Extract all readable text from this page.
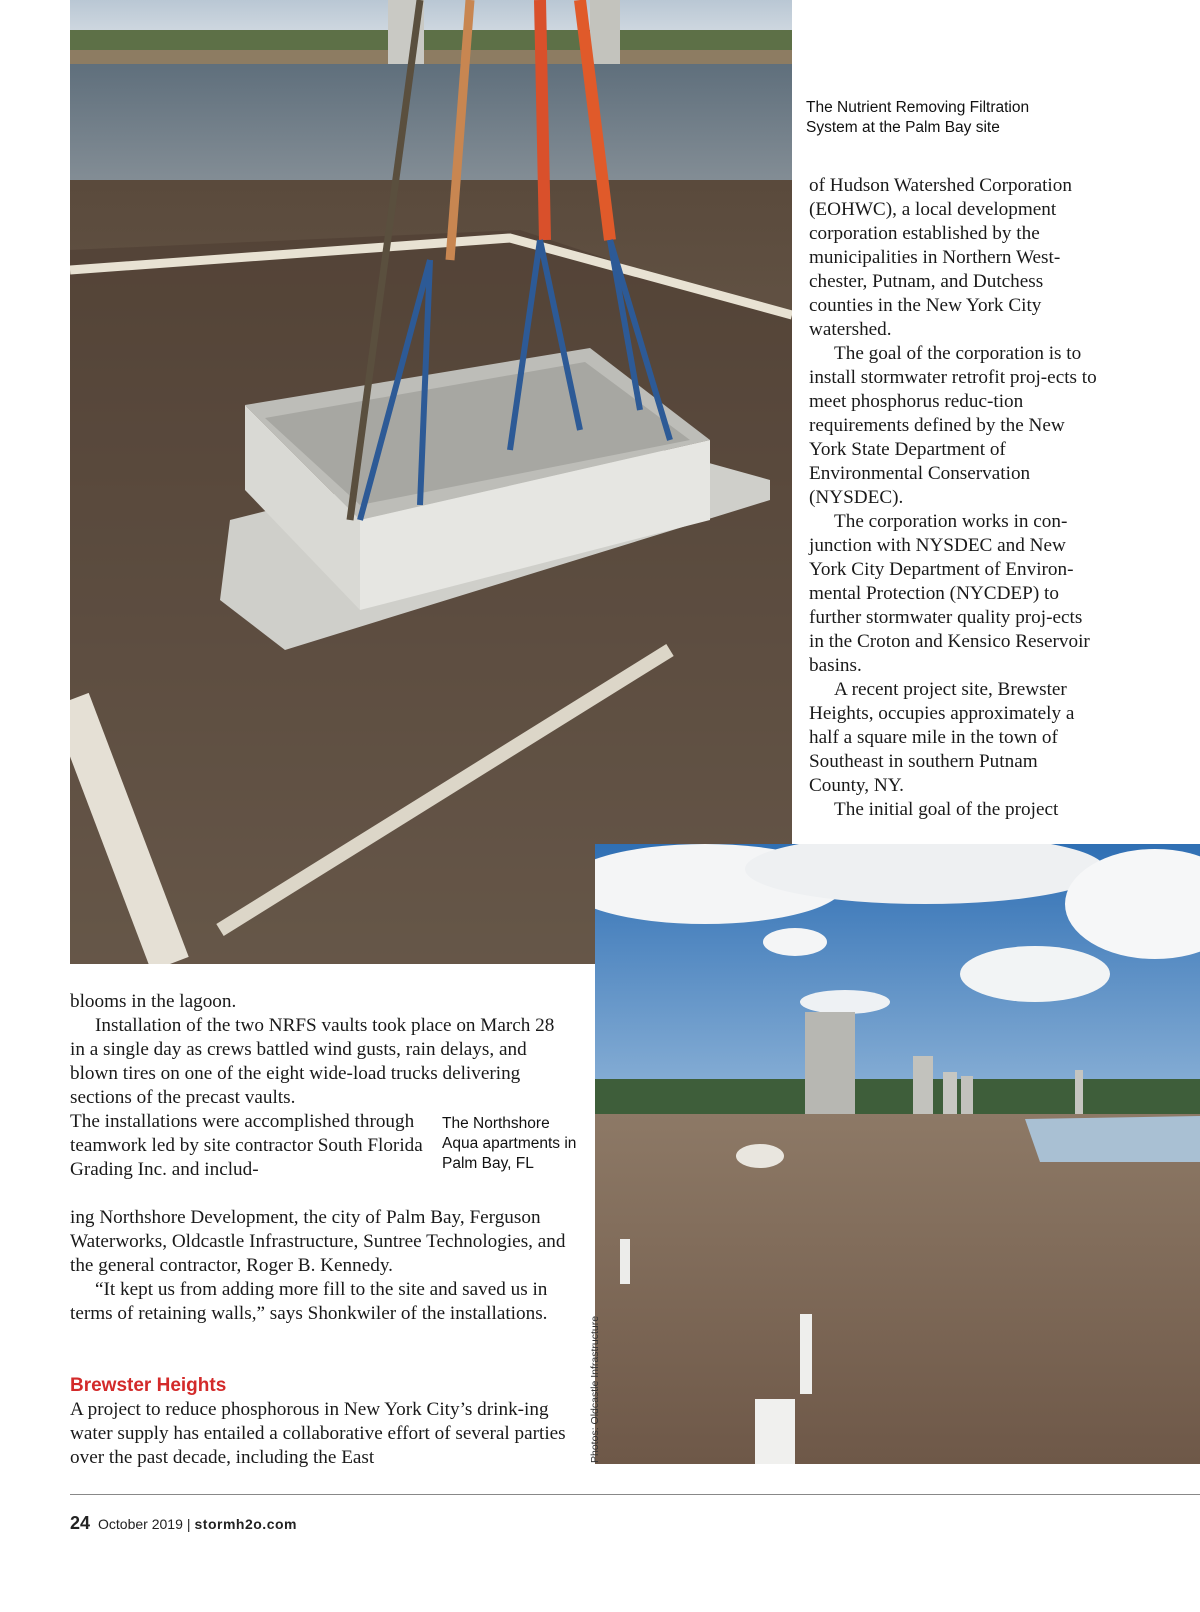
The Nutrient Removing Filtration System at the Palm Bay site

of Hudson Watershed Corporation (EOHWC), a local development corporation established by the municipalities in Northern West-chester, Putnam, and Dutchess counties in the New York City watershed.

The goal of the corporation is to install stormwater retrofit proj-ects to meet phosphorus reduc-tion requirements defined by the New York State Department of Environmental Conservation (NYSDEC).

The corporation works in con-junction with NYSDEC and New York City Department of Environ-mental Protection (NYCDEP) to further stormwater quality proj-ects in the Croton and Kensico Reservoir basins.

A recent project site, Brewster Heights, occupies approximately a half a square mile in the town of Southeast in southern Putnam County, NY.

The initial goal of the project

The Northshore Aqua apartments in Palm Bay, FL
Photos: Oldcastle Infrastructure

blooms in the lagoon.

Installation of the two NRFS vaults took place on March 28 in a single day as crews battled wind gusts, rain delays, and blown tires on one of the eight wide-load trucks delivering sections of the precast vaults.

The installations were accomplished through teamwork led by site contractor South Florida Grading Inc. and includ-

ing Northshore Development, the city of Palm Bay, Ferguson Waterworks, Oldcastle Infrastructure, Suntree Technologies, and the general contractor, Roger B. Kennedy.

“It kept us from adding more fill to the site and saved us in terms of retaining walls,” says Shonkwiler of the installations.

Brewster Heights

A project to reduce phosphorous in New York City’s drink-ing water supply has entailed a collaborative effort of several parties over the past decade, including the East

24 October 2019 | stormh2o.com
